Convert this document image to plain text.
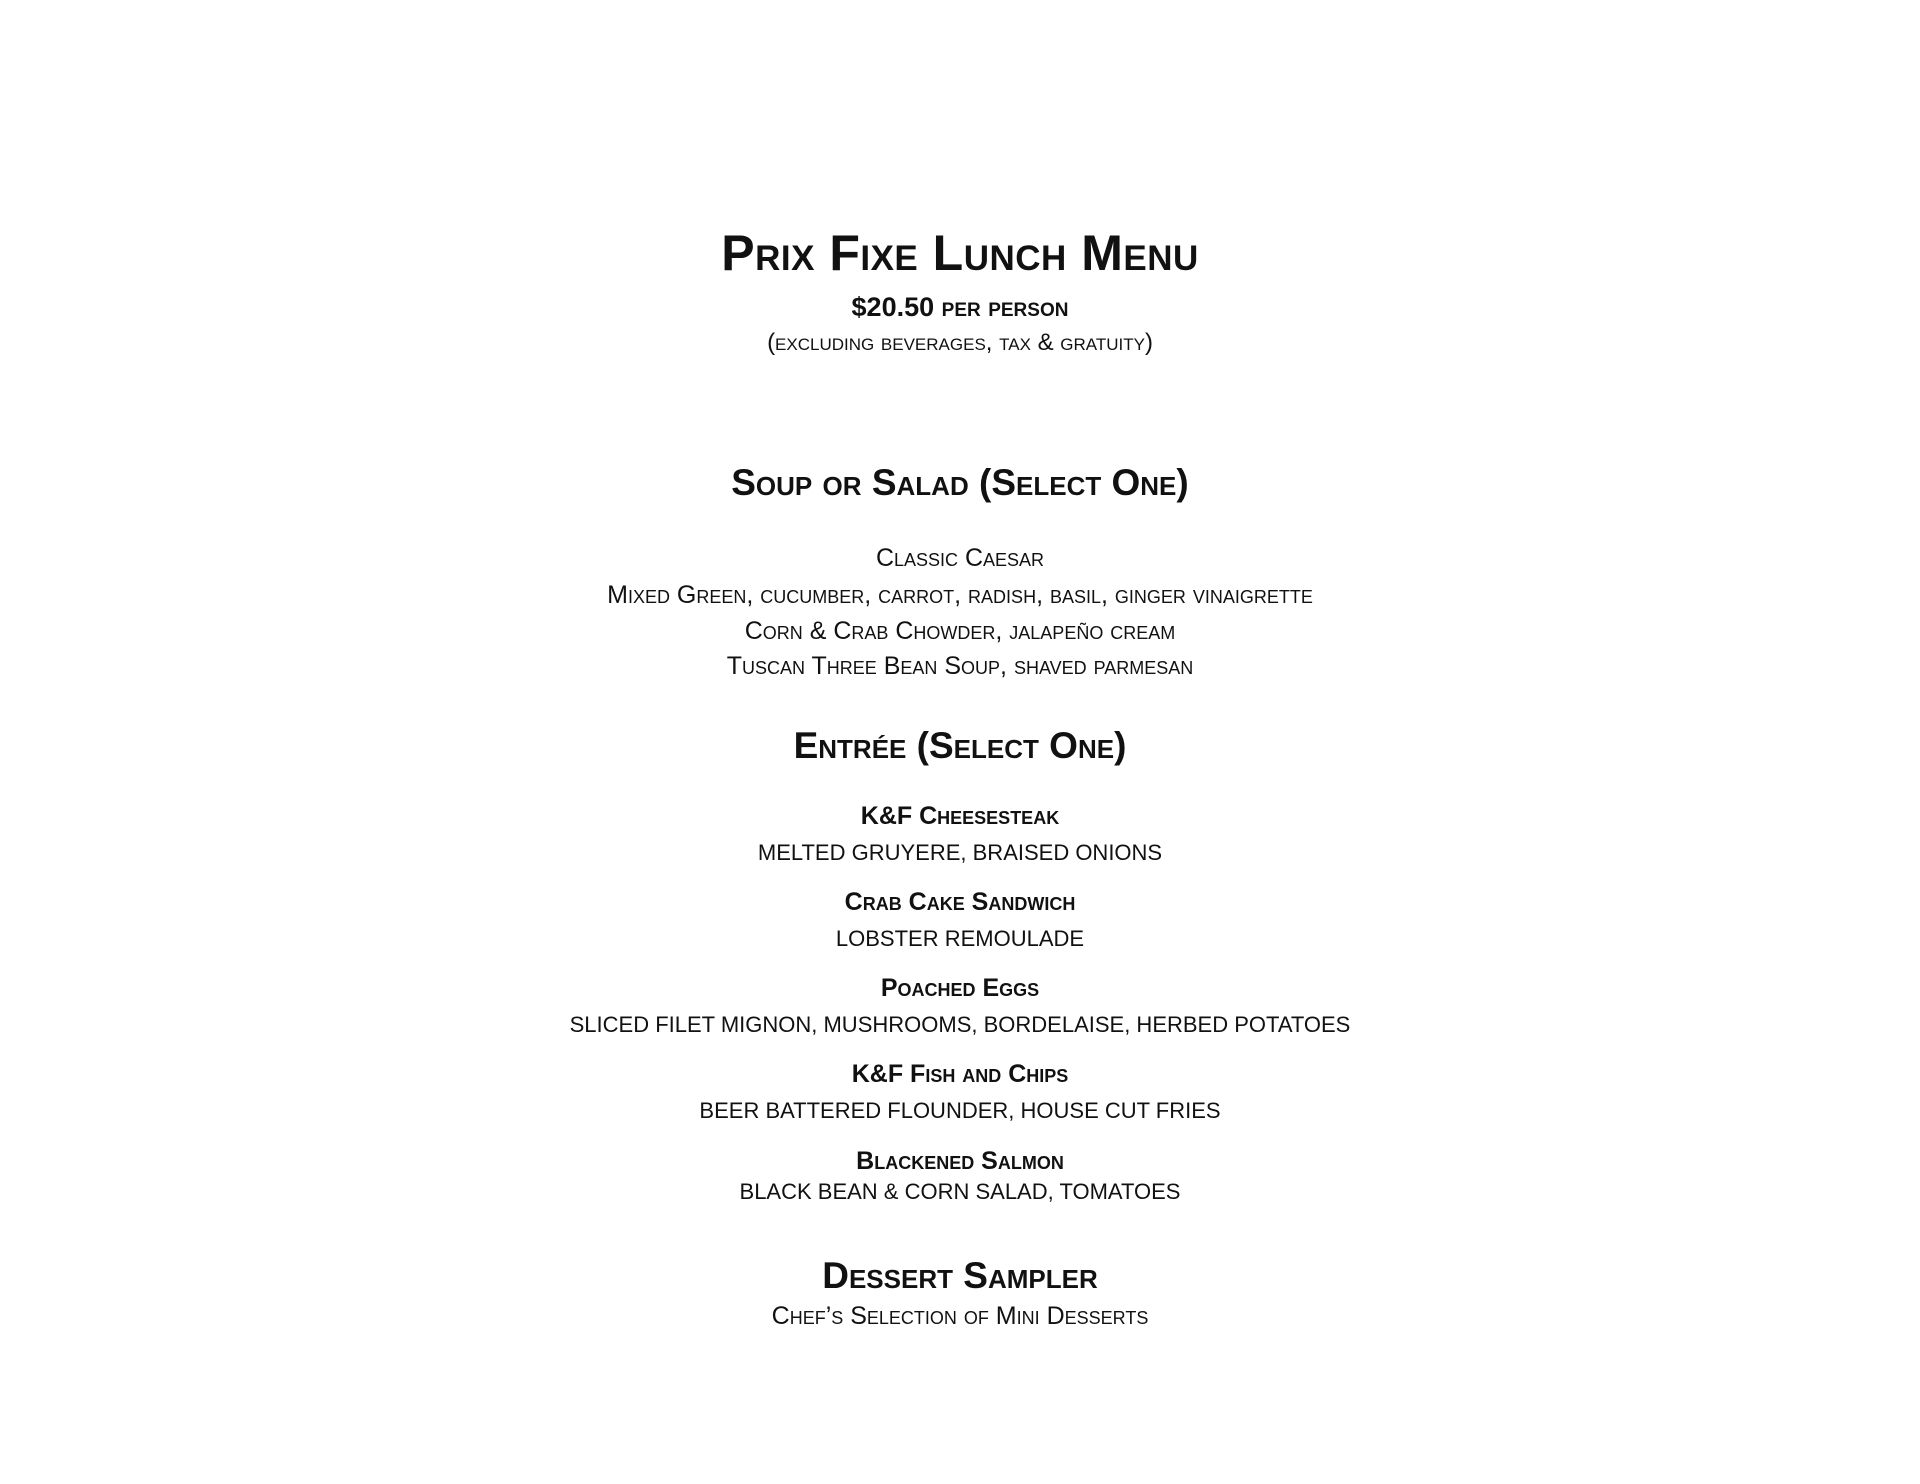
Prix Fixe Lunch Menu
$20.50 per person
(excluding beverages, tax & gratuity)
Soup or Salad (Select One)
Classic Caesar
Mixed Green, cucumber, carrot, radish, basil, ginger vinaigrette
Corn & Crab Chowder, jalapeño cream
Tuscan Three Bean Soup, shaved parmesan
Entrée (Select One)
K&F Cheesesteak
MELTED GRUYERE, BRAISED ONIONS
Crab Cake Sandwich
LOBSTER REMOULADE
Poached Eggs
SLICED FILET MIGNON, MUSHROOMS, BORDELAISE, HERBED POTATOES
K&F Fish and Chips
BEER BATTERED FLOUNDER, HOUSE CUT FRIES
Blackened Salmon
BLACK BEAN & CORN SALAD, TOMATOES
Dessert Sampler
Chef’s Selection of Mini Desserts
